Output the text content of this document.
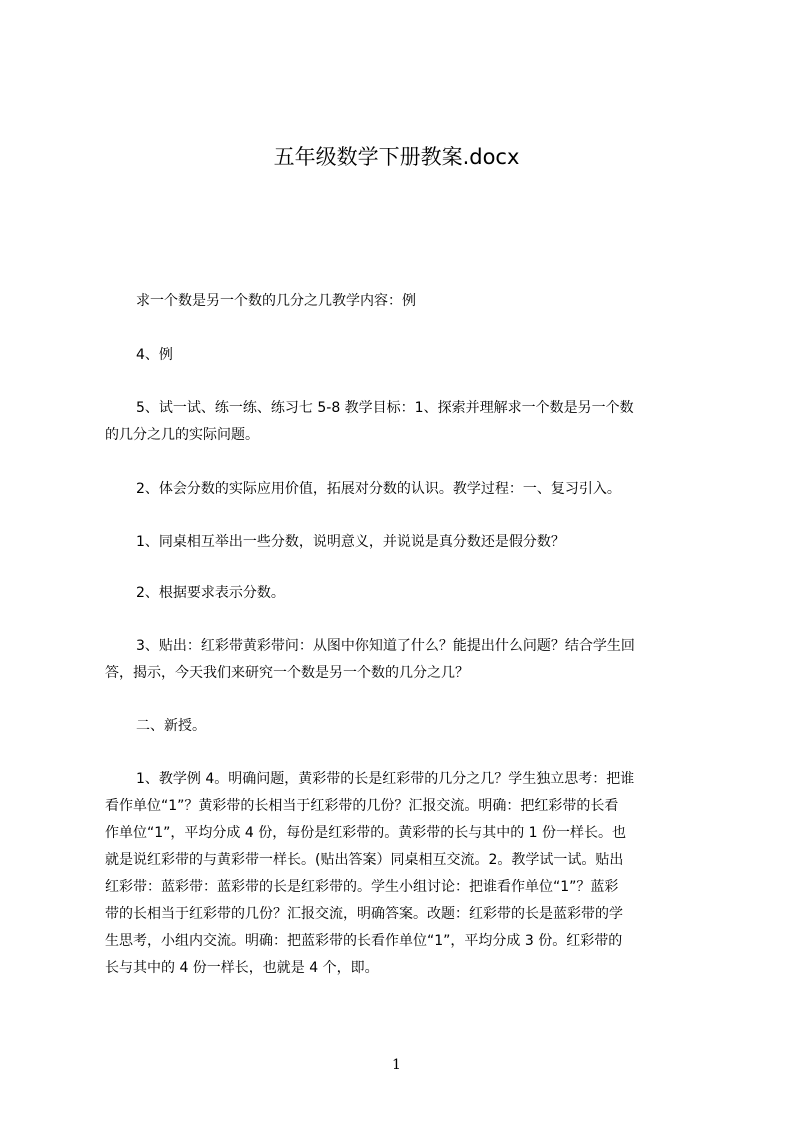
五年级数学下册教案.docx
求一个数是另一个数的几分之几教学内容：例
4、例
5、试一试、练一练、练习七 5-8 教学目标：1、探索并理解求一个数是另一个数
的几分之几的实际问题。
2、体会分数的实际应用价值，拓展对分数的认识。教学过程：一、复习引入。
1、同桌相互举出一些分数，说明意义，并说说是真分数还是假分数？
2、根据要求表示分数。
3、贴出：红彩带黄彩带问：从图中你知道了什么？能提出什么问题？结合学生回
答，揭示，今天我们来研究一个数是另一个数的几分之几？
二、新授。
1、教学例 4。明确问题，黄彩带的长是红彩带的几分之几？学生独立思考：把谁
看作单位“1”？黄彩带的长相当于红彩带的几份？汇报交流。明确：把红彩带的长看
作单位“1”，平均分成 4 份，每份是红彩带的。黄彩带的长与其中的 1 份一样长。也
就是说红彩带的与黄彩带一样长。(贴出答案）同桌相互交流。2。教学试一试。贴出
红彩带：蓝彩带：蓝彩带的长是红彩带的。学生小组讨论：把谁看作单位“1”？蓝彩
带的长相当于红彩带的几份？汇报交流，明确答案。改题：红彩带的长是蓝彩带的学
生思考，小组内交流。明确：把蓝彩带的长看作单位“1”，平均分成 3 份。红彩带的
长与其中的 4 份一样长，也就是 4 个，即。
1
